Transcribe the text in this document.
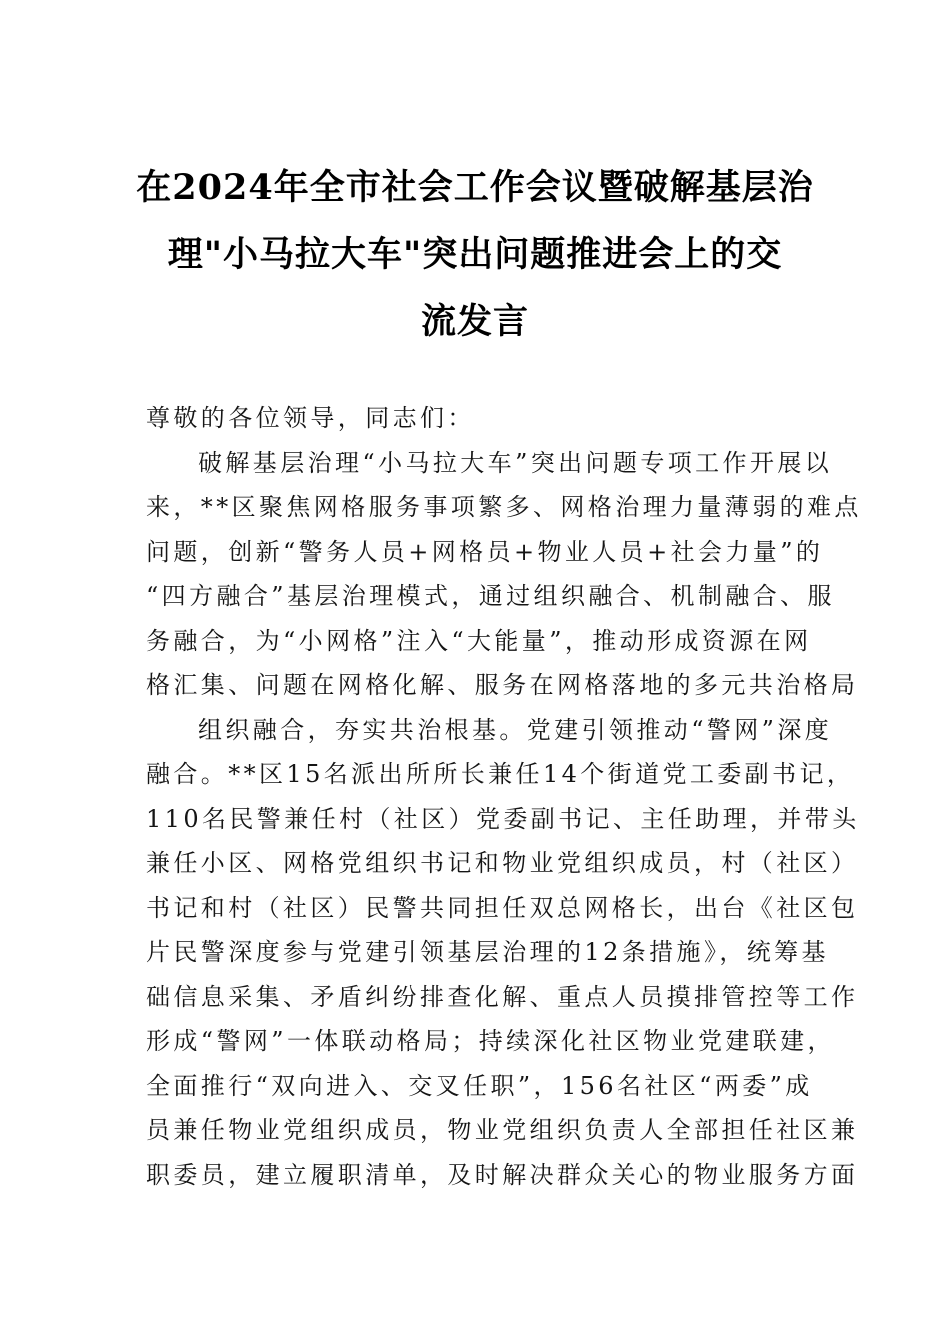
在2024年全市社会工作会议暨破解基层治
理"小马拉大车"突出问题推进会上的交
流发言
尊敬的各位领导，同志们：
破解基层治理“小马拉大车”突出问题专项工作开展以
来，**区聚焦网格服务事项繁多、网格治理力量薄弱的难点
问题，创新“警务人员+网格员+物业人员+社会力量”的
“四方融合”基层治理模式，通过组织融合、机制融合、服
务融合，为“小网格”注入“大能量”，推动形成资源在网
格汇集、问题在网格化解、服务在网格落地的多元共治格局
组织融合，夯实共治根基。党建引领推动“警网”深度
融合。**区15名派出所所长兼任14个街道党工委副书记，
110名民警兼任村（社区）党委副书记、主任助理，并带头
兼任小区、网格党组织书记和物业党组织成员，村（社区）
书记和村（社区）民警共同担任双总网格长，出台《社区包
片民警深度参与党建引领基层治理的12条措施》，统筹基
础信息采集、矛盾纠纷排查化解、重点人员摸排管控等工作
形成“警网”一体联动格局；持续深化社区物业党建联建，
全面推行“双向进入、交叉任职”，156名社区“两委”成
员兼任物业党组织成员，物业党组织负责人全部担任社区兼
职委员，建立履职清单，及时解决群众关心的物业服务方面
